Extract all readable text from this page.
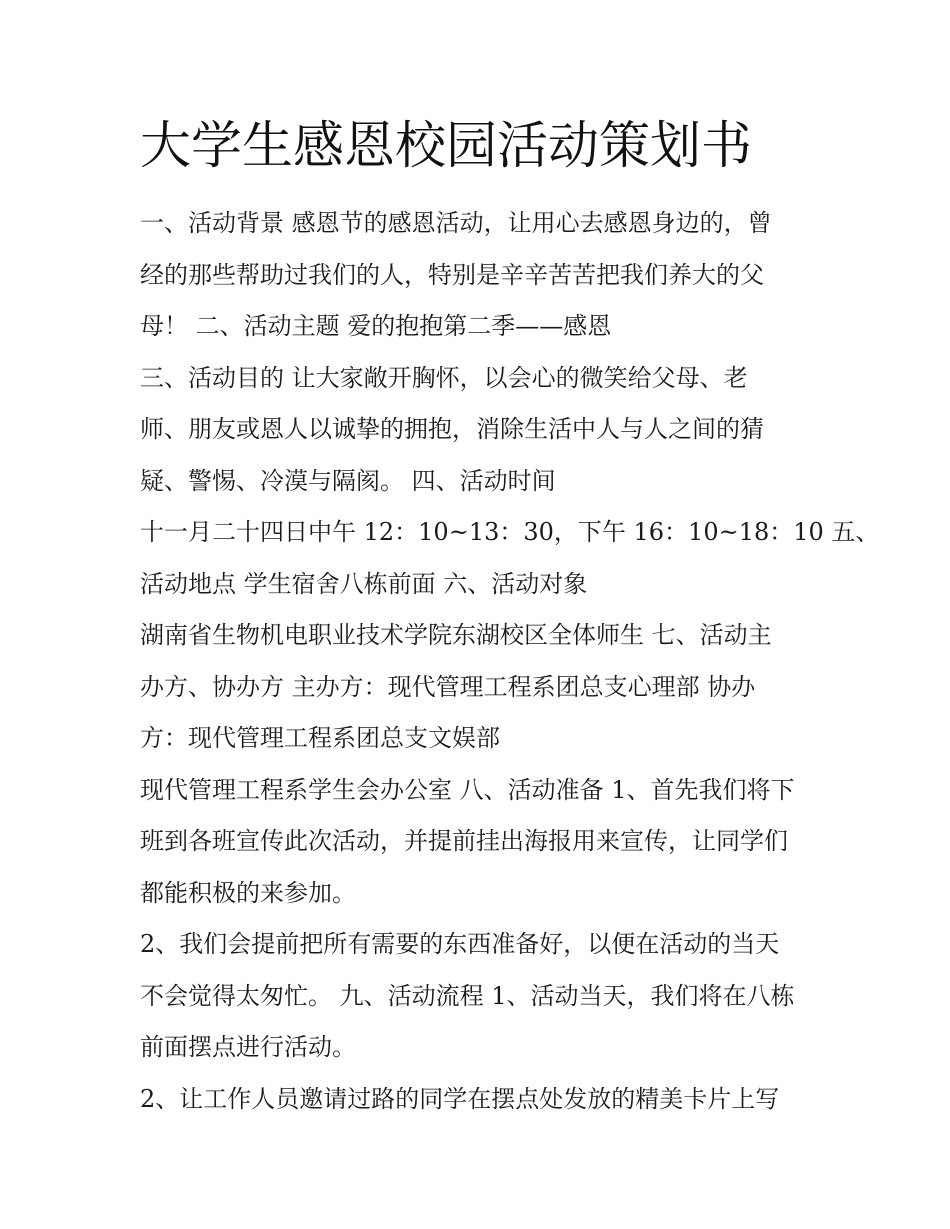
大学生感恩校园活动策划书
一、活动背景 感恩节的感恩活动，让用心去感恩身边的，曾
经的那些帮助过我们的人，特别是辛辛苦苦把我们养大的父
母！ 二、活动主题 爱的抱抱第二季——感恩
三、活动目的 让大家敞开胸怀，以会心的微笑给父母、老
师、朋友或恩人以诚挚的拥抱，消除生活中人与人之间的猜
疑、警惕、冷漠与隔阂。 四、活动时间
十一月二十四日中午 12：10~13：30，下午 16：10~18：10 五、
活动地点 学生宿舍八栋前面 六、活动对象
湖南省生物机电职业技术学院东湖校区全体师生 七、活动主
办方、协办方 主办方：现代管理工程系团总支心理部 协办
方：现代管理工程系团总支文娱部
现代管理工程系学生会办公室 八、活动准备 1、首先我们将下
班到各班宣传此次活动，并提前挂出海报用来宣传，让同学们
都能积极的来参加。
2、我们会提前把所有需要的东西准备好，以便在活动的当天
不会觉得太匆忙。 九、活动流程 1、活动当天，我们将在八栋
前面摆点进行活动。
2、让工作人员邀请过路的同学在摆点处发放的精美卡片上写
